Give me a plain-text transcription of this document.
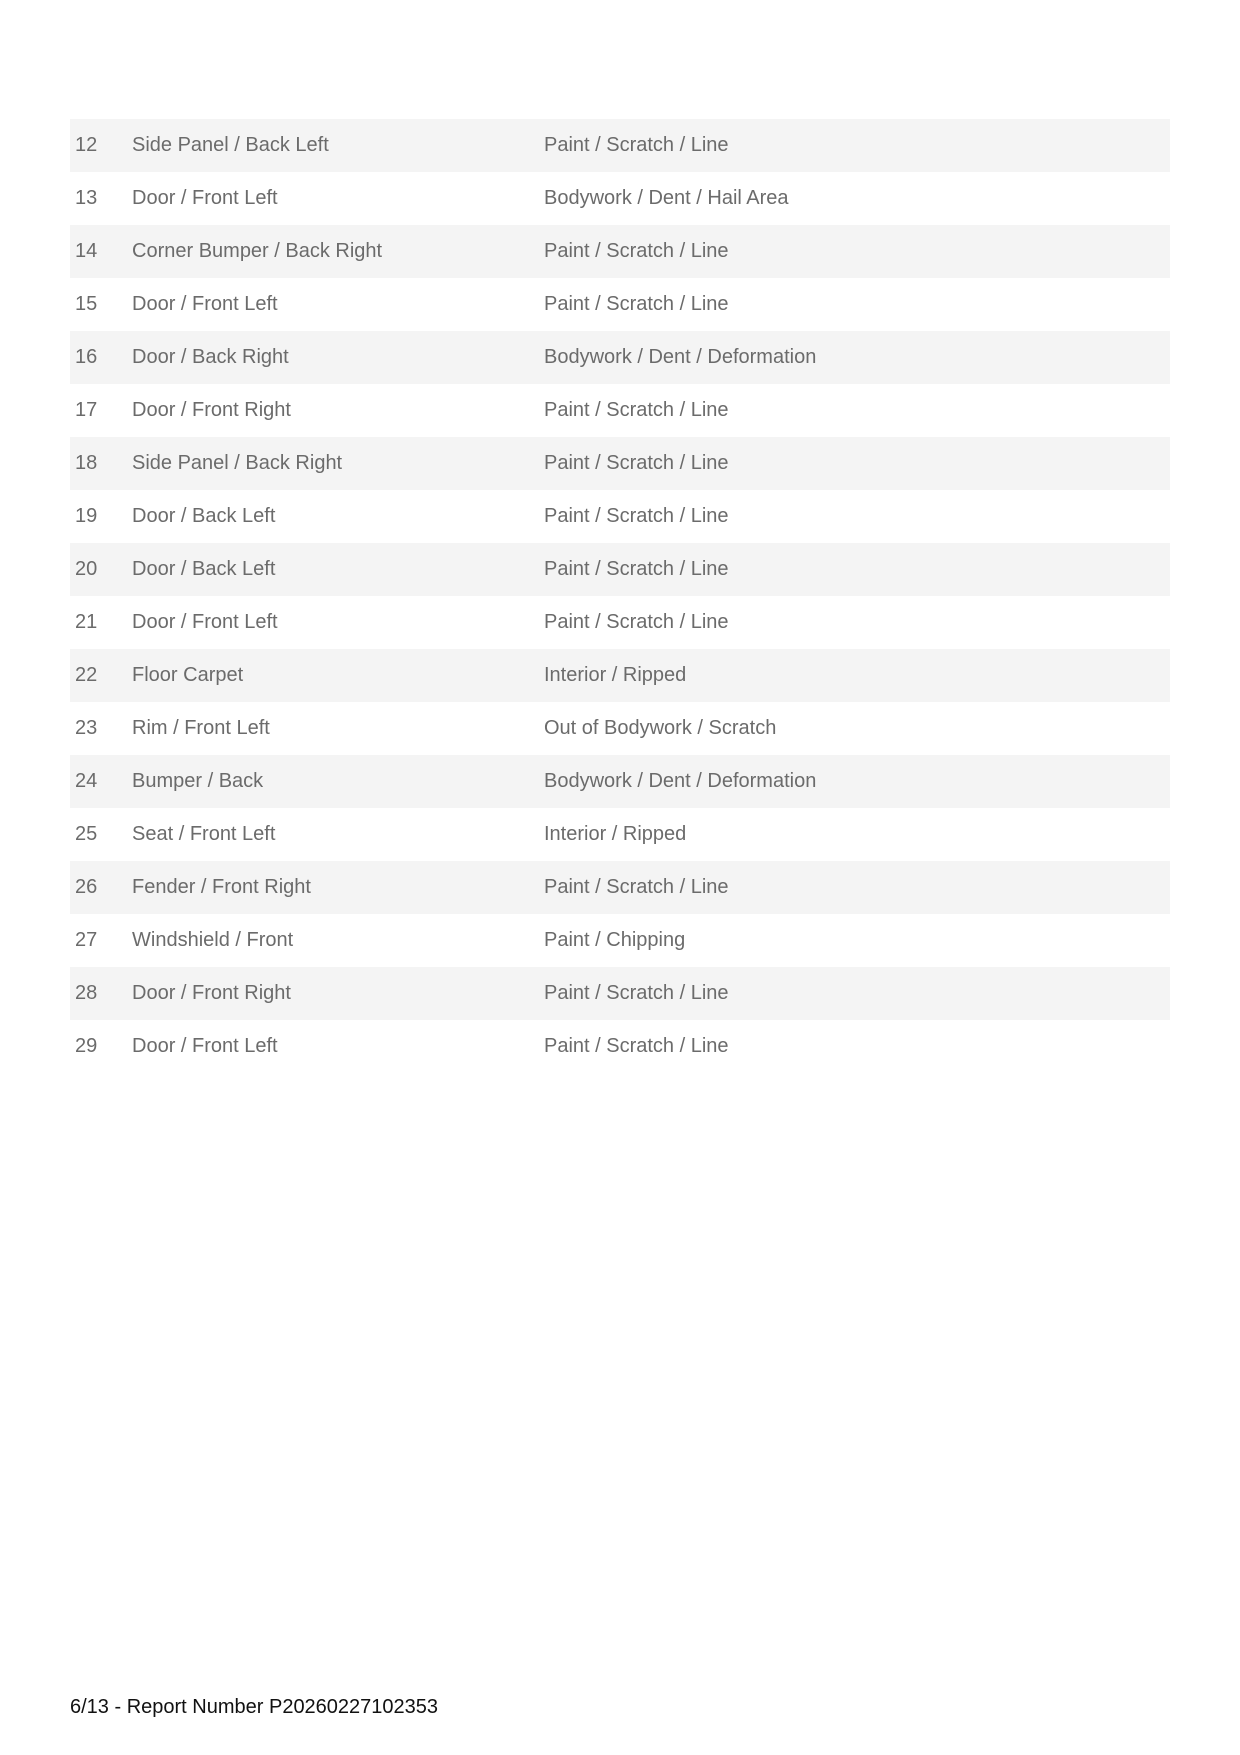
12	Side Panel / Back Left	Paint / Scratch / Line
13	Door / Front Left	Bodywork / Dent / Hail Area
14	Corner Bumper / Back Right	Paint / Scratch / Line
15	Door / Front Left	Paint / Scratch / Line
16	Door / Back Right	Bodywork / Dent / Deformation
17	Door / Front Right	Paint / Scratch / Line
18	Side Panel / Back Right	Paint / Scratch / Line
19	Door / Back Left	Paint / Scratch / Line
20	Door / Back Left	Paint / Scratch / Line
21	Door / Front Left	Paint / Scratch / Line
22	Floor Carpet	Interior / Ripped
23	Rim / Front Left	Out of Bodywork / Scratch
24	Bumper / Back	Bodywork / Dent / Deformation
25	Seat / Front Left	Interior / Ripped
26	Fender / Front Right	Paint / Scratch / Line
27	Windshield / Front	Paint / Chipping
28	Door / Front Right	Paint / Scratch / Line
29	Door / Front Left	Paint / Scratch / Line
6/13 - Report Number P20260227102353
